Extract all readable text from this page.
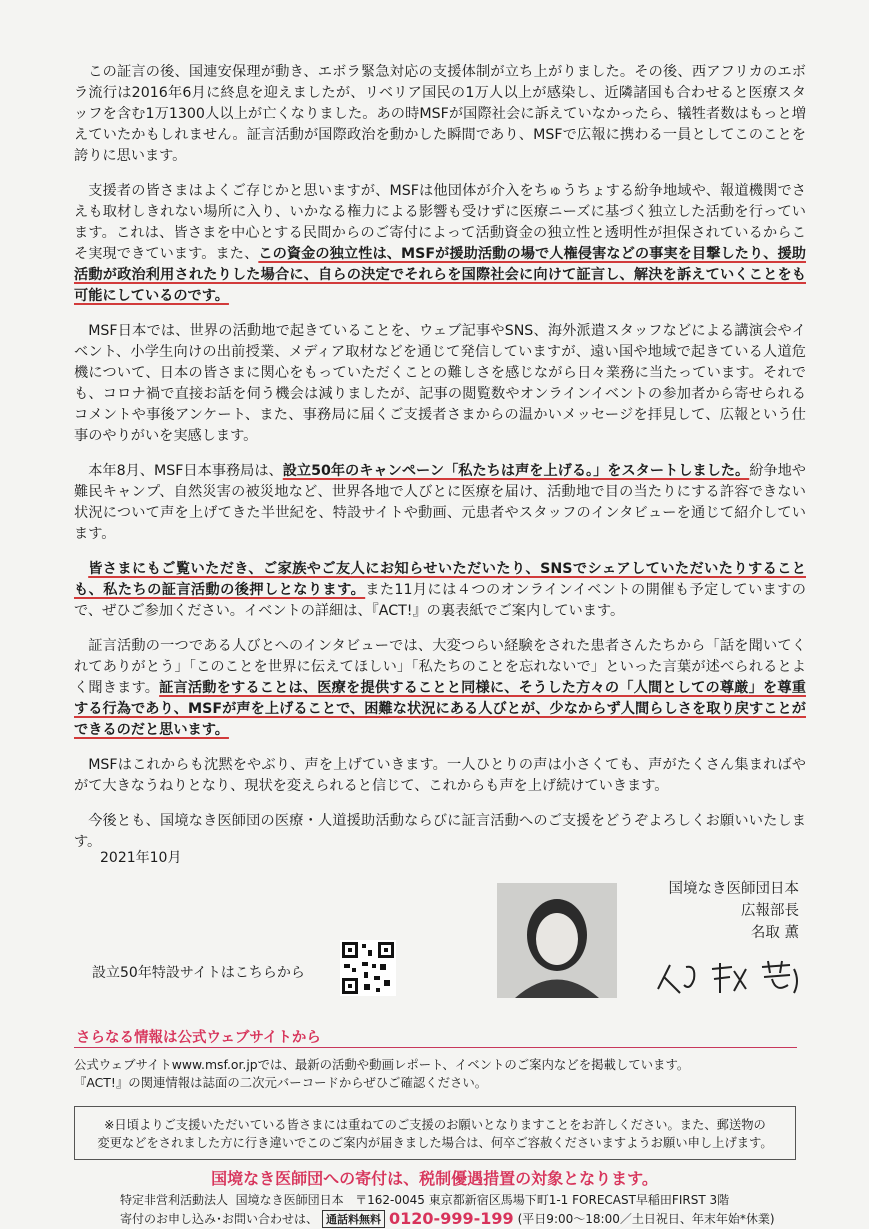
この証言の後、国連安保理が動き、エボラ緊急対応の支援体制が立ち上がりました。その後、西アフリカのエボラ流行は2016年6月に終息を迎えましたが、リベリア国民の1万人以上が感染し、近隣諸国も合わせると医療スタッフを含む1万1300人以上が亡くなりました。あの時MSFが国際社会に訴えていなかったら、犠牲者数はもっと増えていたかもしれません。証言活動が国際政治を動かした瞬間であり、MSFで広報に携わる一員としてこのことを誇りに思います。

支援者の皆さまはよくご存じかと思いますが、MSFは他団体が介入をちゅうちょする紛争地域や、報道機関でさえも取材しきれない場所に入り、いかなる権力による影響も受けずに医療ニーズに基づく独立した活動を行っています。これは、皆さまを中心とする民間からのご寄付によって活動資金の独立性と透明性が担保されているからこそ実現できています。また、この資金の独立性は、MSFが援助活動の場で人権侵害などの事実を目撃したり、援助活動が政治利用されたりした場合に、自らの決定でそれらを国際社会に向けて証言し、解決を訴えていくことをも可能にしているのです。

MSF日本では、世界の活動地で起きていることを、ウェブ記事やSNS、海外派遣スタッフなどによる講演会やイベント、小学生向けの出前授業、メディア取材などを通じて発信していますが、遠い国や地域で起きている人道危機について、日本の皆さまに関心をもっていただくことの難しさを感じながら日々業務に当たっています。それでも、コロナ禍で直接お話を伺う機会は減りましたが、記事の閲覧数やオンラインイベントの参加者から寄せられるコメントや事後アンケート、また、事務局に届くご支援者さまからの温かいメッセージを拝見して、広報という仕事のやりがいを実感します。

本年8月、MSF日本事務局は、設立50年のキャンペーン「私たちは声を上げる。」をスタートしました。紛争地や難民キャンプ、自然災害の被災地など、世界各地で人びとに医療を届け、活動地で目の当たりにする許容できない状況について声を上げてきた半世紀を、特設サイトや動画、元患者やスタッフのインタビューを通じて紹介しています。

皆さまにもご覧いただき、ご家族やご友人にお知らせいただいたり、SNSでシェアしていただいたりすることも、私たちの証言活動の後押しとなります。また11月には４つのオンラインイベントの開催も予定していますので、ぜひご参加ください。イベントの詳細は、『ACT!』の裏表紙でご案内しています。

証言活動の一つである人びとへのインタビューでは、大変つらい経験をされた患者さんたちから「話を聞いてくれてありがとう」「このことを世界に伝えてほしい」「私たちのことを忘れないで」といった言葉が述べられるとよく聞きます。証言活動をすることは、医療を提供することと同様に、そうした方々の「人間としての尊厳」を尊重する行為であり、MSFが声を上げることで、困難な状況にある人びとが、少なからず人間らしさを取り戻すことができるのだと思います。

MSFはこれからも沈黙をやぶり、声を上げていきます。一人ひとりの声は小さくても、声がたくさん集まればやがて大きなうねりとなり、現状を変えられると信じて、これからも声を上げ続けていきます。

今後とも、国境なき医師団の医療・人道援助活動ならびに証言活動へのご支援をどうぞよろしくお願いいたします。

2021年10月
国境なき医師団日本
広報部長
名取 薫
設立50年特設サイトはこちらから
さらなる情報は公式ウェブサイトから
公式ウェブサイトwww.msf.or.jpでは、最新の活動や動画レポート、イベントのご案内などを掲載しています。
『ACT!』の関連情報は誌面の二次元バーコードからぜひご確認ください。
※日頃よりご支援いただいている皆さまには重ねてのご支援のお願いとなりますことをお許しください。また、郵送物の
変更などをされました方に行き違いでこのご案内が届きました場合は、何卒ご容赦くださいますようお願い申し上げます。
国境なき医師団への寄付は、税制優遇措置の対象となります。
特定非営利活動法人 国境なき医師団日本 〒162-0045 東京都新宿区馬場下町1-1 FORECAST早稲田FIRST 3階
寄付のお申し込み･お問い合わせは、 通話料無料 0120-999-199 (平日9:00～18:00／土日祝日、年末年始*休業)
